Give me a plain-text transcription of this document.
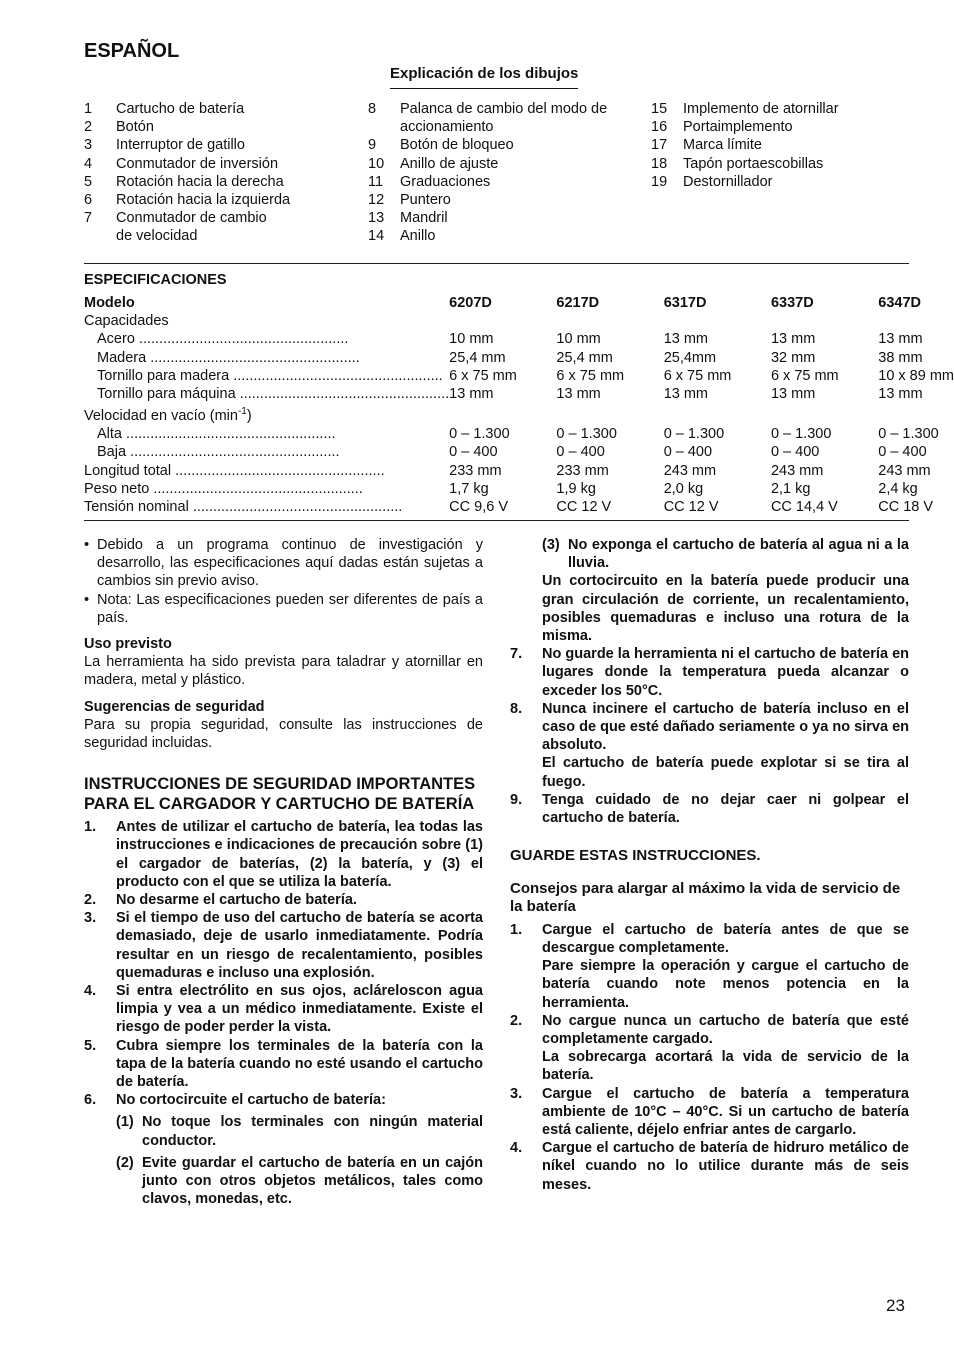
ESPAÑOL
Explicación de los dibujos
1	Cartucho de batería
2	Botón
3	Interruptor de gatillo
4	Conmutador de inversión
5	Rotación hacia la derecha
6	Rotación hacia la izquierda
7	Conmutador de cambio de velocidad
8	Palanca de cambio del modo de accionamiento
9	Botón de bloqueo
10	Anillo de ajuste
11	Graduaciones
12	Puntero
13	Mandril
14	Anillo
15	Implemento de atornillar
16	Portaimplemento
17	Marca límite
18	Tapón portaescobillas
19	Destornillador
ESPECIFICACIONES
Modelo	6207D	6217D	6317D	6337D	6347D
Capacidades					

Acero ....................................................	10 mm	10 mm	13 mm	13 mm	13 mm

Madera ....................................................	25,4 mm	25,4 mm	25,4mm	32 mm	38 mm

Tornillo para madera ....................................................	6 x 75 mm	6 x 75 mm	6 x 75 mm	6 x 75 mm	10 x 89 mm

Tornillo para máquina ....................................................	13 mm	13 mm	13 mm	13 mm	13 mm
Velocidad en vacío $(\min^{-1})$					

Alta ....................................................	0 – 1.300	0 – 1.300	0 – 1.300	0 – 1.300	0 – 1.300

Baja ....................................................	0 – 400	0 – 400	0 – 400	0 – 400	0 – 400

Longitud total ....................................................	233 mm	233 mm	243 mm	243 mm	243 mm

Peso neto ....................................................	1,7 kg	1,9 kg	2,0 kg	2,1 kg	2,4 kg

Tensión nominal ....................................................	CC 9,6 V	CC 12 V	CC 12 V	CC 14,4 V	CC 18 V
• Debido a un programa continuo de investigación y desarrollo, las especificaciones aquí dadas están sujetas a cambios sin previo aviso.
• Nota: Las especificaciones pueden ser diferentes de país a país.
Uso previsto
La herramienta ha sido prevista para taladrar y atornillar en madera, metal y plástico.
Sugerencias de seguridad
Para su propia seguridad, consulte las instrucciones de seguridad incluidas.
INSTRUCCIONES DE SEGURIDAD IMPORTANTES PARA EL CARGADOR Y CARTUCHO DE BATERÍA
1.	Antes de utilizar el cartucho de batería, lea todas las instrucciones e indicaciones de precaución sobre (1) el cargador de baterías, (2) la batería, y (3) el producto con el que se utiliza la batería.
2.	No desarme el cartucho de batería.
3.	Si el tiempo de uso del cartucho de batería se acorta demasiado, deje de usarlo inmediatamente. Podría resultar en un riesgo de recalentamiento, posibles quemaduras e incluso una explosión.
4.	Si entra electrólito en sus ojos, acláreloscon agua limpia y vea a un médico inmediatamente. Existe el riesgo de poder perder la vista.
5.	Cubra siempre los terminales de la batería con la tapa de la batería cuando no esté usando el cartucho de batería.
6.	No cortocircuite el cartucho de batería:
(1) No toque los terminales con ningún material conductor.
(2) Evite guardar el cartucho de batería en un cajón junto con otros objetos metálicos, tales como clavos, monedas, etc.
(3) No exponga el cartucho de batería al agua ni a la lluvia.
Un cortocircuito en la batería puede producir una gran circulación de corriente, un recalentamiento, posibles quemaduras e incluso una rotura de la misma.
7.	No guarde la herramienta ni el cartucho de batería en lugares donde la temperatura pueda alcanzar o exceder los 50°C.
8.	Nunca incinere el cartucho de batería incluso en el caso de que esté dañado seriamente o ya no sirva en absoluto.
El cartucho de batería puede explotar si se tira al fuego.
9.	Tenga cuidado de no dejar caer ni golpear el cartucho de batería.
GUARDE ESTAS INSTRUCCIONES.
Consejos para alargar al máximo la vida de servicio de la batería
1.	Cargue el cartucho de batería antes de que se descargue completamente.
Pare siempre la operación y cargue el cartucho de batería cuando note menos potencia en la herramienta.
2.	No cargue nunca un cartucho de batería que esté completamente cargado.
La sobrecarga acortará la vida de servicio de la batería.
3.	Cargue el cartucho de batería a temperatura ambiente de 10°C – 40°C. Si un cartucho de batería está caliente, déjelo enfriar antes de cargarlo.
4.	Cargue el cartucho de batería de hidruro metálico de níkel cuando no lo utilice durante más de seis meses.
23
